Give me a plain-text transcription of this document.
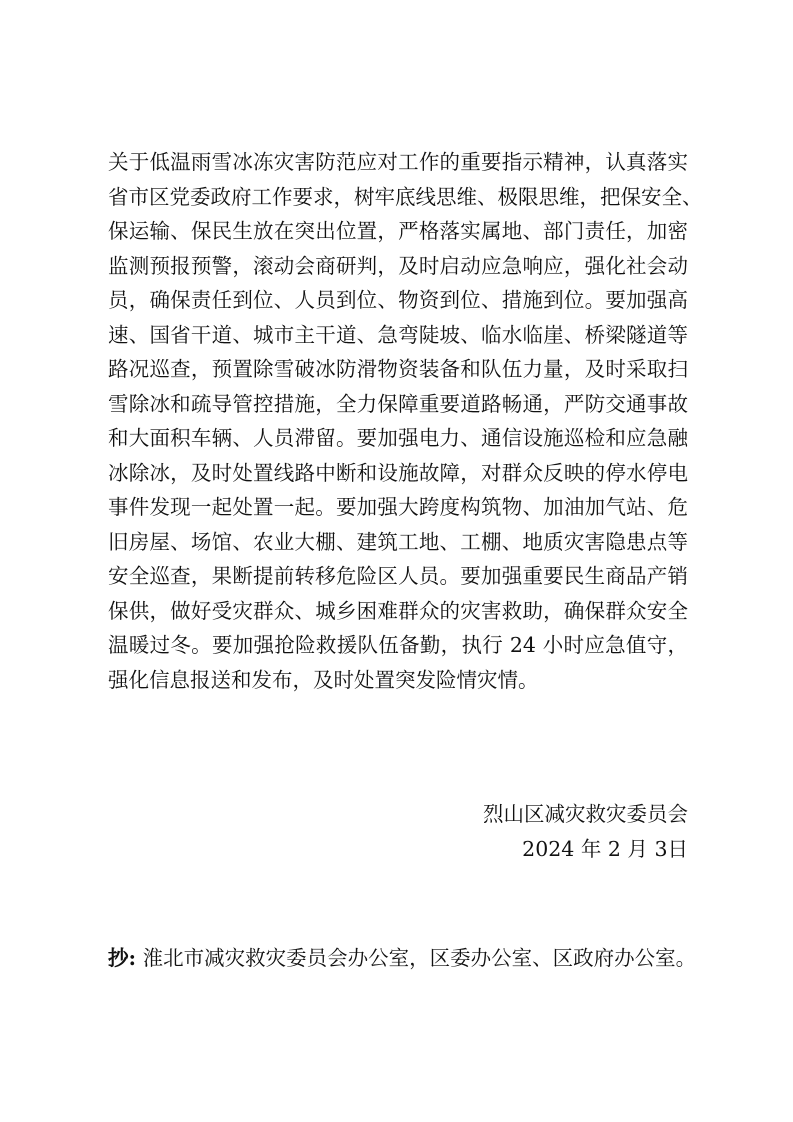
关于低温雨雪冰冻灾害防范应对工作的重要指示精神，认真落实
省市区党委政府工作要求，树牢底线思维、极限思维，把保安全、
保运输、保民生放在突出位置，严格落实属地、部门责任，加密
监测预报预警，滚动会商研判，及时启动应急响应，强化社会动
员，确保责任到位、人员到位、物资到位、措施到位。要加强高
速、国省干道、城市主干道、急弯陡坡、临水临崖、桥梁隧道等
路况巡查，预置除雪破冰防滑物资装备和队伍力量，及时采取扫
雪除冰和疏导管控措施，全力保障重要道路畅通，严防交通事故
和大面积车辆、人员滞留。要加强电力、通信设施巡检和应急融
冰除冰，及时处置线路中断和设施故障，对群众反映的停水停电
事件发现一起处置一起。要加强大跨度构筑物、加油加气站、危
旧房屋、场馆、农业大棚、建筑工地、工棚、地质灾害隐患点等
安全巡查，果断提前转移危险区人员。要加强重要民生商品产销
保供，做好受灾群众、城乡困难群众的灾害救助，确保群众安全
温暖过冬。要加强抢险救援队伍备勤，执行 24 小时应急值守，
强化信息报送和发布，及时处置突发险情灾情。
烈山区减灾救灾委员会
2024 年 2 月 3日
抄: 淮北市减灾救灾委员会办公室，区委办公室、区政府办公室。
